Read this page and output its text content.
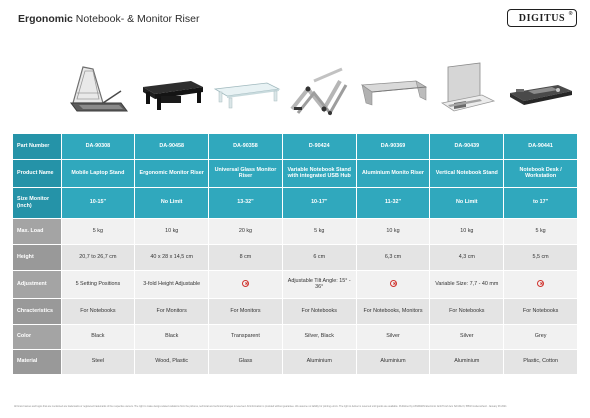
Ergonomic Notebook- & Monitor Riser	DIGITUS ®
Part Number	DA-90308	DA-90458	DA-90358	D-90424	DA-90369	DA-90439	DA-90441
Product Name	Mobile Laptop Stand	Ergonomic Monitor Riser	Universal Glass Monitor Riser	Variable Notebook Stand with integrated USB Hub	Aluminium Monito Riser	Vertical Notebook Stand	Notebook Desk / Workstation
Size Monitor (inch)	10-15"	No Limit	13-32"	10-17"	11-32"	No Limit	to 17"
Max. Load	5 kg	10 kg	20 kg	5 kg	10 kg	10 kg	5 kg
Height	20,7 to 26,7 cm	40 x 28 x 14,5 cm	8 cm	6 cm	6,3 cm	4,3 cm	5,5 cm
Adjustment	5 Setting Positions	3-fold Height Adjustable		Adjustable Tilt Angle: 15° - 36°		Variable Size: 7,7 - 40 mm	
Chracteristics	For Notebooks	For Monitors	For Monitors	For Notebooks	For Notebooks, Monitors	For Notebooks	For Notebooks
Color	Black	Black	Transparent	Silver, Black	Silver	Silver	Grey
Material	Steel	Wood, Plastic	Glass	Aluminium	Aluminium	Aluminium	Plastic, Cotton
All brand names and logos that are mentioned are trademarks or registered trademarks of the respective owners. The right to make design-related variations from the pictures, technical and technical changes is reserved. All information is provided without guarantee. We assume no liability for printing errors. The right to deliver is reserved until goods are available. Published by ASSMANN Electronic GmbH Auf dem Schüffel 3, 58513 Lüdenscheid · January 06 2021
